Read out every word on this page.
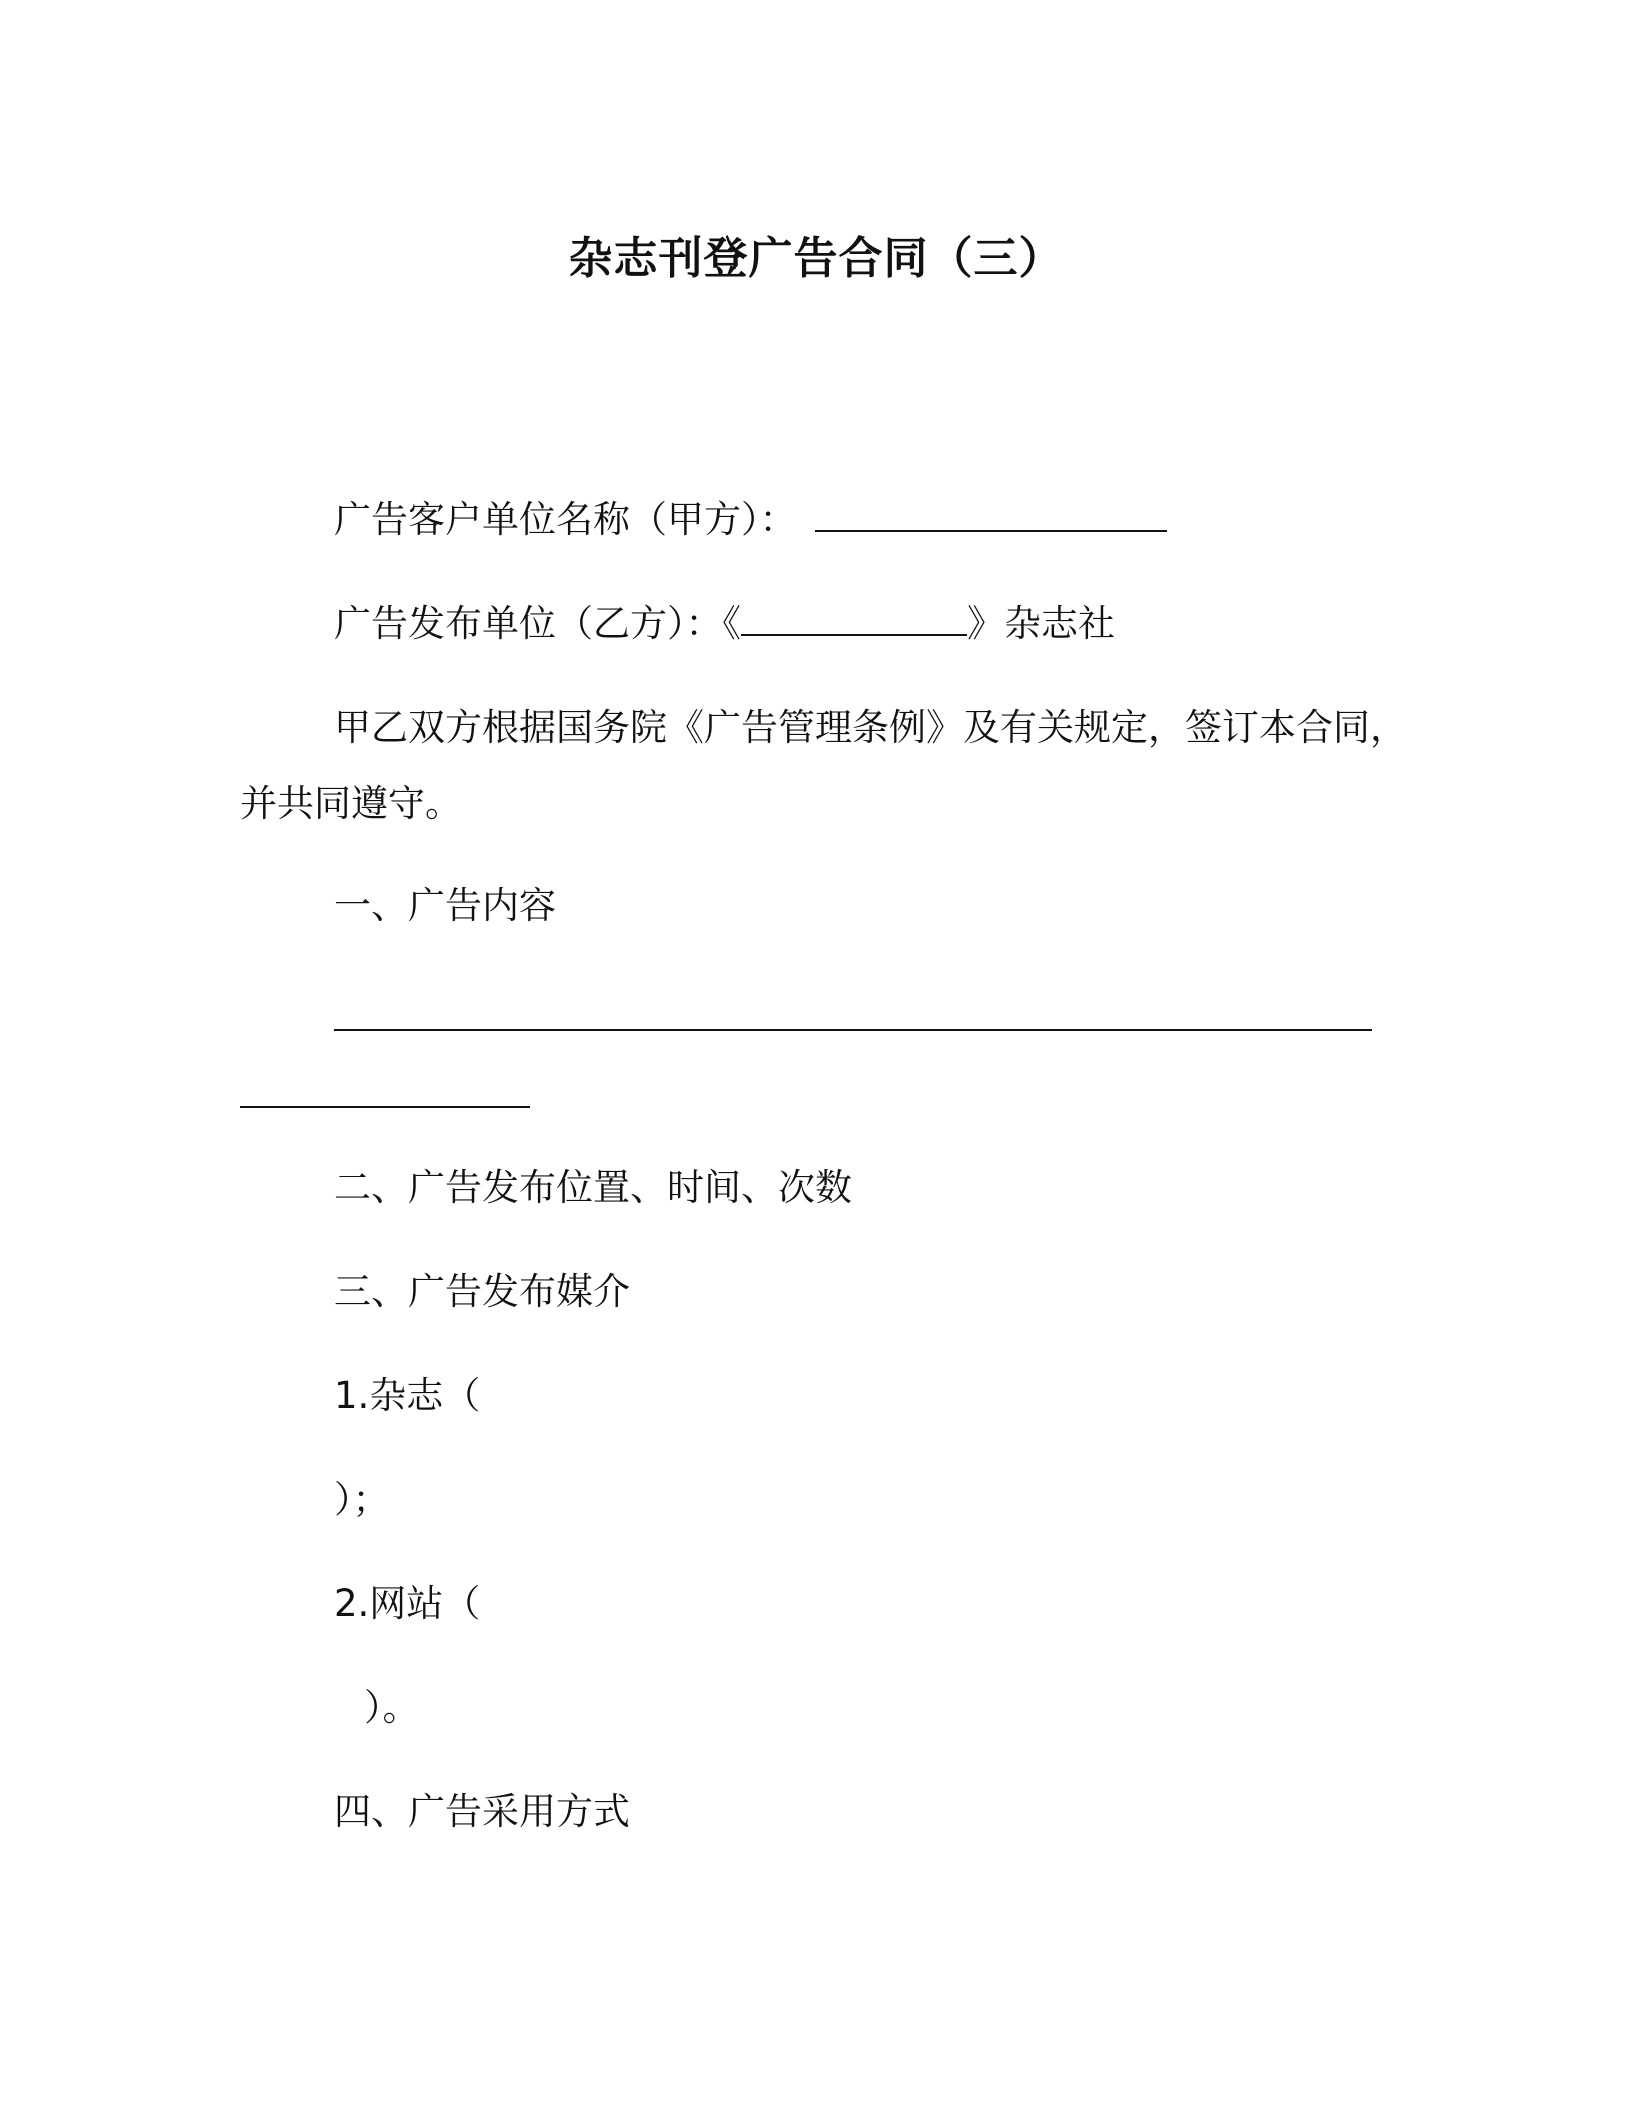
杂志刊登广告合同（三）
广告客户单位名称（甲方）：
广告发布单位（乙方）：《	》杂志社
甲乙双方根据国务院《广告管理条例》及有关规定，签订本合同，
并共同遵守。
一、广告内容
二、广告发布位置、时间、次数
三、广告发布媒介
1.杂志（
）；
2.网站（
）。
四、广告采用方式
